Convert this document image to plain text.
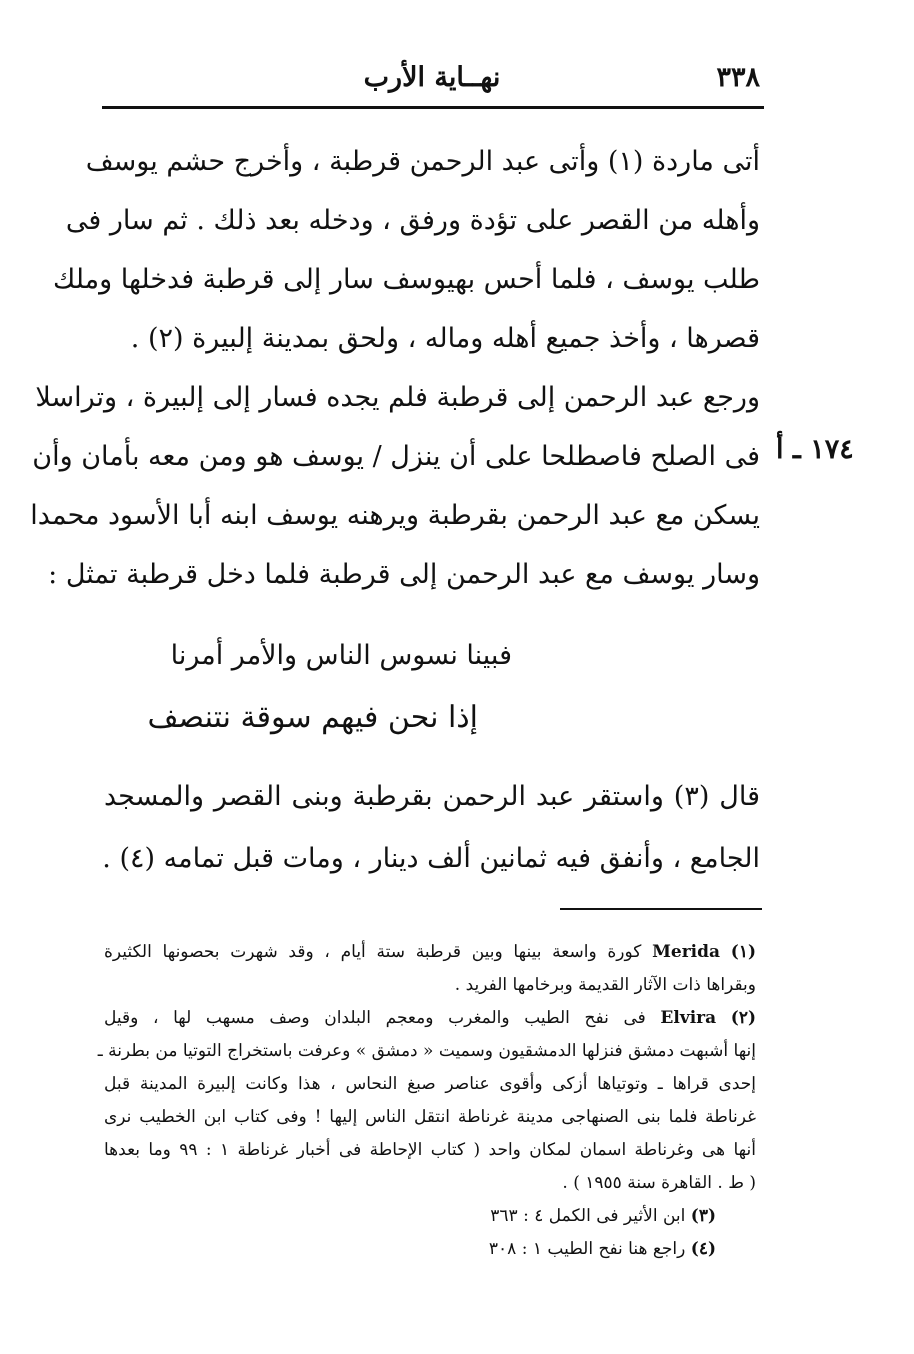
٣٣٨
نهــاية الأرب
١٧٤ ـ أ
أتى ماردة (١) وأتى عبد الرحمن قرطبة ، وأخرج حشم يوسف
وأهله من القصر على تؤدة ورفق ، ودخله بعد ذلك . ثم سار فى
طلب يوسف ، فلما أحس بهيوسف سار إلى قرطبة فدخلها وملك
قصرها ، وأخذ جميع أهله وماله ، ولحق بمدينة إلبيرة (٢) .
ورجع عبد الرحمن إلى قرطبة فلم يجده فسار إلى إلبيرة ، وتراسلا
فى الصلح فاصطلحا على أن ينزل / يوسف هو ومن معه بأمان وأن
يسكن مع عبد الرحمن بقرطبة ويرهنه يوسف ابنه أبا الأسود محمدا
وسار يوسف مع عبد الرحمن إلى قرطبة فلما دخل قرطبة تمثل :
فبينا نسوس الناس والأمر أمرنا
إذا نحن فيهم سوقة نتنصف
قال (٣) واستقر عبد الرحمن بقرطبة وبنى القصر والمسجد
الجامع ، وأنفق فيه ثمانين ألف دينار ، ومات قبل تمامه (٤) .
(١) Merida كورة واسعة بينها وبين قرطبة ستة أيام ، وقد شهرت بحصونها الكثيرة
وبقراها ذات الآثار القديمة وبرخامها الفريد .
(٢) Elvira فى نفح الطيب والمغرب ومعجم البلدان وصف مسهب لها ، وقيل
إنها أشبهت دمشق فنزلها الدمشقيون وسميت « دمشق » وعرفت باستخراج التوتيا من بطرنة ـ
إحدى قراها ـ وتوتياها أزكى وأقوى عناصر صبغ النحاس ، هذا وكانت إلبيرة المدينة قبل
غرناطة فلما بنى الصنهاجى مدينة غرناطة انتقل الناس إليها ! وفى كتاب ابن الخطيب نرى
أنها هى وغرناطة اسمان لمكان واحد ( كتاب الإحاطة فى أخبار غرناطة ١ : ٩٩ وما بعدها
( ط . القاهرة سنة ١٩٥٥ ) .
(٣) ابن الأثير فى الكمل ٤ : ٣٦٣
(٤) راجع هنا نفح الطيب ١ : ٣٠٨
